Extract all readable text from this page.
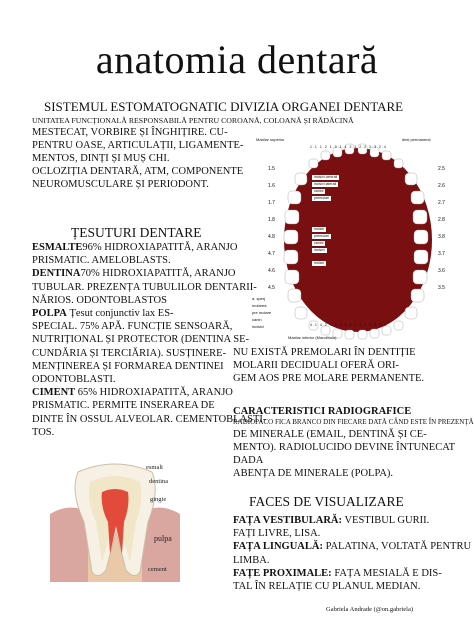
anatomia dentară
SISTEMUL ESTOMATOGNATIC DIVIZIA ORGANEI DENTARE
UNITATEA FUNCȚIONALĂ RESPONSABILĂ PENTRU COROANĂ, COLOANĂ ȘI RĂDĂCINĂ
MESTECAT, VORBIRE ȘI ÎNGHIȚIRE. CU-
PENTRU OASE, ARTICULAȚII, LIGAMENTE-
MENTOS, DINȚI ȘI MUȘ CHI.
OCLOZIȚIA DENTARĂ, ATM, COMPONENTE
NEUROMUSCULARE ȘI PERIODONT.
Maxilar superior	dinți permanenți
Maxilar inferior (Mandibula)
incisivi centrali
incisivi laterali
canini
premolari
molari
premolari
canini
incisivi
molari
a. sperj
molarea
pre molare
canin
incisivi
1.5
1.6
1.7
1.8
4.8
4.7
4.6
4.5
2.5
2.6
2.7
2.8
3.8
3.7
3.6
3.5
1.1 1.2 1.3 1.4 2.1 2.2 2.3 2.4
4.1 4.2 4.3 4.4 3.1 3.2 3.3 3.4
ȚESUTURI DENTARE
ESMALTE96% HIDROXIAPATITĂ, ARANJO
PRISMATIC. AMELOBLASTS.
DENTINA70% HIDROXIAPATITĂ, ARANJO
TUBULAR. PREZENȚA TUBULILOR DENTARII-
NĂRIOS. ODONTOBLASTOS
POLPA Țesut conjunctiv lax ES-
SPECIAL. 75% APĂ. FUNCȚIE SENSOARĂ,
NUTRIȚIONAL ȘI PROTECTOR (DENTINA SE-
CUNDĂRIA ȘI TERCIĂRIA). SUSȚINERE-
MENȚINEREA ȘI FORMAREA DENTINEI
ODONTOBLASTI.
CIMENT 65% HIDROXIAPATITĂ, ARANJO
PRISMATIC. PERMITE INSERAREA DE
DINTE ÎN OSSUL ALVEOLAR. CEMENTOBLASTI-
TOS.
NU EXISTĂ PREMOLARI ÎN DENTIȚIE
MOLARII DECIDUALI OFERĂ ORI-
GEM AOS PRE MOLARE PERMANENTE.
CARACTERISTICI RADIOGRAFICE
RADIOPACO FICA BRANCO DIN FIECARE DATĂ CÂND ESTE ÎN PREZENȚĂ
DE MINERALE (EMAIL, DENTINĂ ȘI CE-
MENTO). RADIOLUCIDO DEVINE ÎNTUNECAT DADA
ABENȚA DE MINERALE (POLPA).
esmalt
dentina
gingie
pulpa
cement
FACES DE VISUALIZARE
FAȚA VESTIBULARĂ: VESTIBUL GURII.
FAȚI LIVRE, LISA.
FAȚA LINGUALĂ: PALATINA, VOLTATĂ PENTRU
LIMBA.
FAȚE PROXIMALE: FAȚA MESIALĂ E DIS-
TAL ÎN RELAȚIE CU PLANUL MEDIAN.
Gabriela Andrade (@on.gabriela)
